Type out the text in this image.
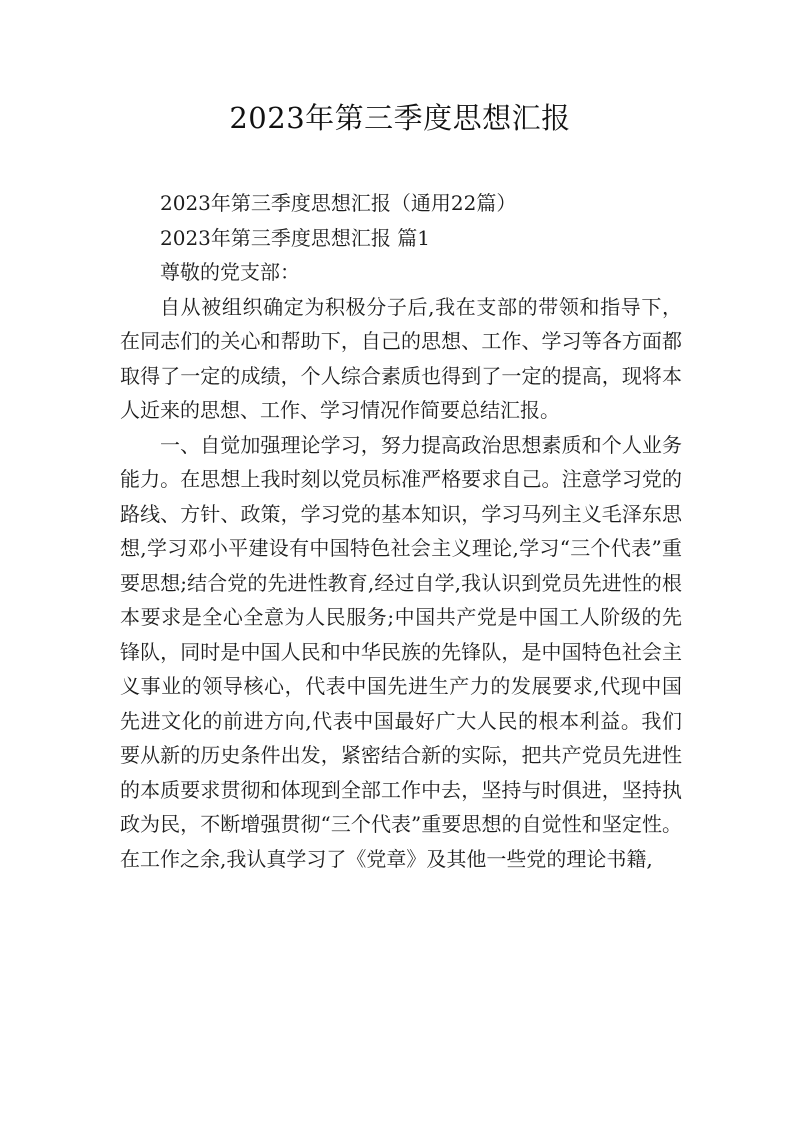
2023年第三季度思想汇报

2023年第三季度思想汇报（通用22篇）

2023年第三季度思想汇报 篇1

尊敬的党支部：

自从被组织确定为积极分子后,我在支部的带领和指导下，在同志们的关心和帮助下，自己的思想、工作、学习等各方面都取得了一定的成绩，个人综合素质也得到了一定的提高，现将本人近来的思想、工作、学习情况作简要总结汇报。

一、自觉加强理论学习，努力提高政治思想素质和个人业务能力。在思想上我时刻以党员标准严格要求自己。注意学习党的路线、方针、政策，学习党的基本知识，学习马列主义毛泽东思想,学习邓小平建设有中国特色社会主义理论,学习“三个代表”重要思想;结合党的先进性教育,经过自学,我认识到党员先进性的根本要求是全心全意为人民服务;中国共产党是中国工人阶级的先锋队，同时是中国人民和中华民族的先锋队，是中国特色社会主义事业的领导核心，代表中国先进生产力的发展要求,代现中国先进文化的前进方向,代表中国最好广大人民的根本利益。我们要从新的历史条件出发，紧密结合新的实际，把共产党员先进性的本质要求贯彻和体现到全部工作中去，坚持与时俱进，坚持执政为民，不断增强贯彻“三个代表”重要思想的自觉性和坚定性。在工作之余,我认真学习了《党章》及其他一些党的理论书籍,
